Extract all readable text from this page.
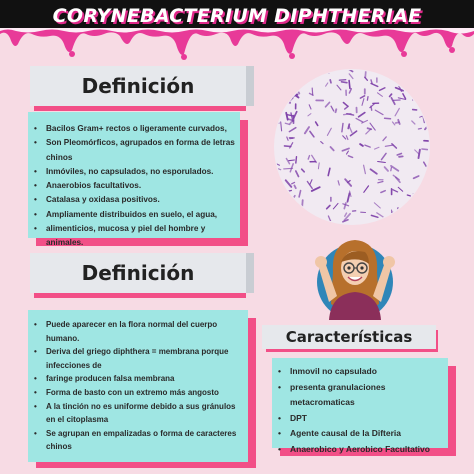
CORYNEBACTERIUM DIPHTHERIAE
Definición
• Bacilos Gram+ rectos o ligeramente curvados,
• Son Pleomórficos, agrupados en forma de letras chinos
• Inmóviles, no capsulados, no esporulados.
• Anaerobios facultativos.
• Catalasa y oxidasa positivos.
• Ampliamente distribuidos en suelo, el agua,
• alimenticios, mucosa y piel del hombre y animales.
Definición
• Puede aparecer en la flora normal del cuerpo humano.
• Deriva del griego diphthera = membrana porque infecciones de
• faringe producen falsa membrana
• Forma de basto con un extremo más angosto
• A la tinción no es uniforme debido a sus gránulos en el citoplasma
• Se agrupan en empalizadas o forma de caracteres chinos
Características
• Inmovil no capsulado
• presenta granulaciones metacromaticas
• DPT
• Agente causal de la Difteria
• Anaerobico y Aerobico Facultativo
